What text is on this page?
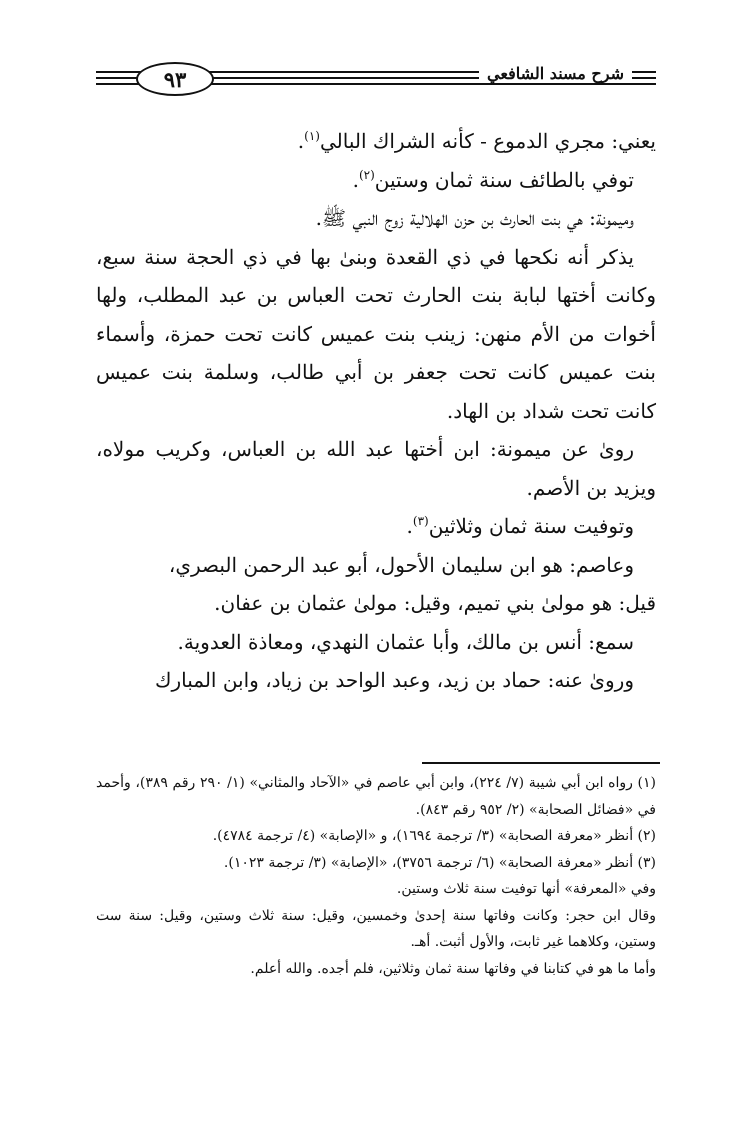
٩٣	شرح مسند الشافعي

يعني: مجري الدموع - كأنه الشراك البالي$^{(١)}$.

توفي بالطائف سنة ثمان وستين$^{(٢)}$.

وميمونة: هي بنت الحارث بن حزن الهلالية زوج النبي ﷺ.

يذكر أنه نكحها في ذي القعدة وبنىٰ بها في ذي الحجة سنة سبع، وكانت أختها لبابة بنت الحارث تحت العباس بن عبد المطلب، ولها أخوات من الأم منهن: زينب بنت عميس كانت تحت حمزة، وأسماء بنت عميس كانت تحت جعفر بن أبي طالب، وسلمة بنت عميس كانت تحت شداد بن الهاد.

روىٰ عن ميمونة: ابن أختها عبد الله بن العباس، وكريب مولاه، ويزيد بن الأصم.

وتوفيت سنة ثمان وثلاثين$^{(٣)}$.

وعاصم: هو ابن سليمان الأحول، أبو عبد الرحمن البصري،

قيل: هو مولىٰ بني تميم، وقيل: مولىٰ عثمان بن عفان.

سمع: أنس بن مالك، وأبا عثمان النهدي، ومعاذة العدوية.

وروىٰ عنه: حماد بن زيد، وعبد الواحد بن زياد، وابن المبارك

(١) رواه ابن أبي شيبة (٧/ ٢٢٤)، وابن أبي عاصم في «الآحاد والمثاني» (١/ ٢٩٠ رقم ٣٨٩)، وأحمد في «فضائل الصحابة» (٢/ ٩٥٢ رقم ٨٤٣).

(٢) أنظر «معرفة الصحابة» (٣/ ترجمة ١٦٩٤)، و «الإصابة» (٤/ ترجمة ٤٧٨٤).

(٣) أنظر «معرفة الصحابة» (٦/ ترجمة ٣٧٥٦)، «الإصابة» (٣/ ترجمة ١٠٢٣).

وفي «المعرفة» أنها توفيت سنة ثلاث وستين.

وقال ابن حجر: وكانت وفاتها سنة إحدىٰ وخمسين، وقيل: سنة ثلاث وستين، وقيل: سنة ست وستين، وكلاهما غير ثابت، والأول أثبت. أهـ.

وأما ما هو في كتابنا في وفاتها سنة ثمان وثلاثين، فلم أجده. والله أعلم.
